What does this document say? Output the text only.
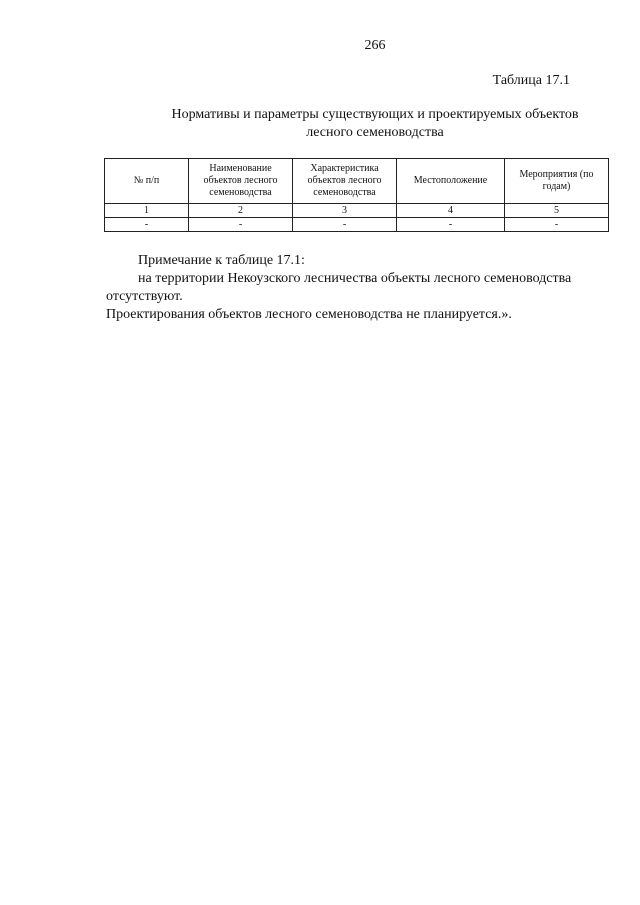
266
Таблица 17.1
Нормативы и параметры существующих и проектируемых объектов
лесного семеноводства
№ п/п	Наименование объектов лесного семеноводства	Характеристика объектов лесного семеноводства	Местоположение	Мероприятия (по годам)
1	2	3	4	5
-	-	-	-	-

Примечание к таблице 17.1:

на территории Некоузского лесничества объекты лесного семеноводства отсутствуют.

Проектирования объектов лесного семеноводства не планируется.».
